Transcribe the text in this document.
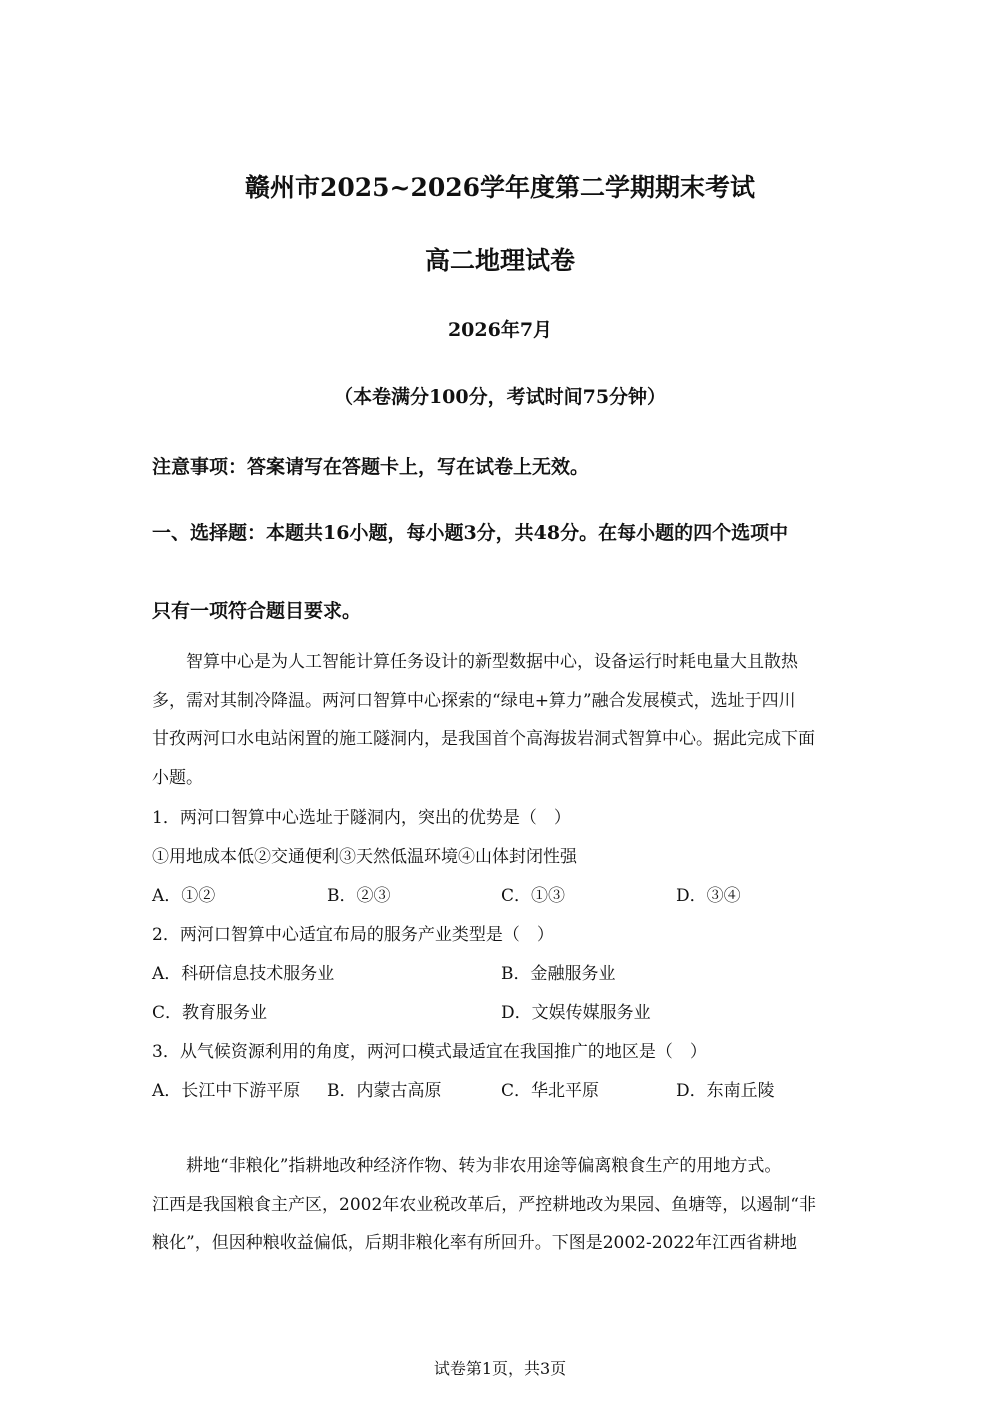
赣州市2025~2026学年度第二学期期末考试
高二地理试卷
2026年7月
（本卷满分100分，考试时间75分钟）
注意事项：答案请写在答题卡上，写在试卷上无效。
一、选择题：本题共16小题，每小题3分，共48分。在每小题的四个选项中
只有一项符合题目要求。

智算中心是为人工智能计算任务设计的新型数据中心，设备运行时耗电量大且散热

多，需对其制冷降温。两河口智算中心探索的“绿电+算力”融合发展模式，选址于四川

甘孜两河口水电站闲置的施工隧洞内，是我国首个高海拔岩洞式智算中心。据此完成下面

小题。

1．两河口智算中心选址于隧洞内，突出的优势是（　）
①用地成本低②交通便利③天然低温环境④山体封闭性强
A．①②	B．②③	C．①③	D．③④
2．两河口智算中心适宜布局的服务产业类型是（　）
A．科研信息技术服务业	B．金融服务业
C．教育服务业	D．文娱传媒服务业
3．从气候资源利用的角度，两河口模式最适宜在我国推广的地区是（　）
A．长江中下游平原 B．内蒙古高原	C．华北平原	D．东南丘陵

耕地“非粮化”指耕地改种经济作物、转为非农用途等偏离粮食生产的用地方式。

江西是我国粮食主产区，2002年农业税改革后，严控耕地改为果园、鱼塘等，以遏制“非

粮化”，但因种粮收益偏低，后期非粮化率有所回升。下图是2002-2022年江西省耕地

试卷第1页，共3页
